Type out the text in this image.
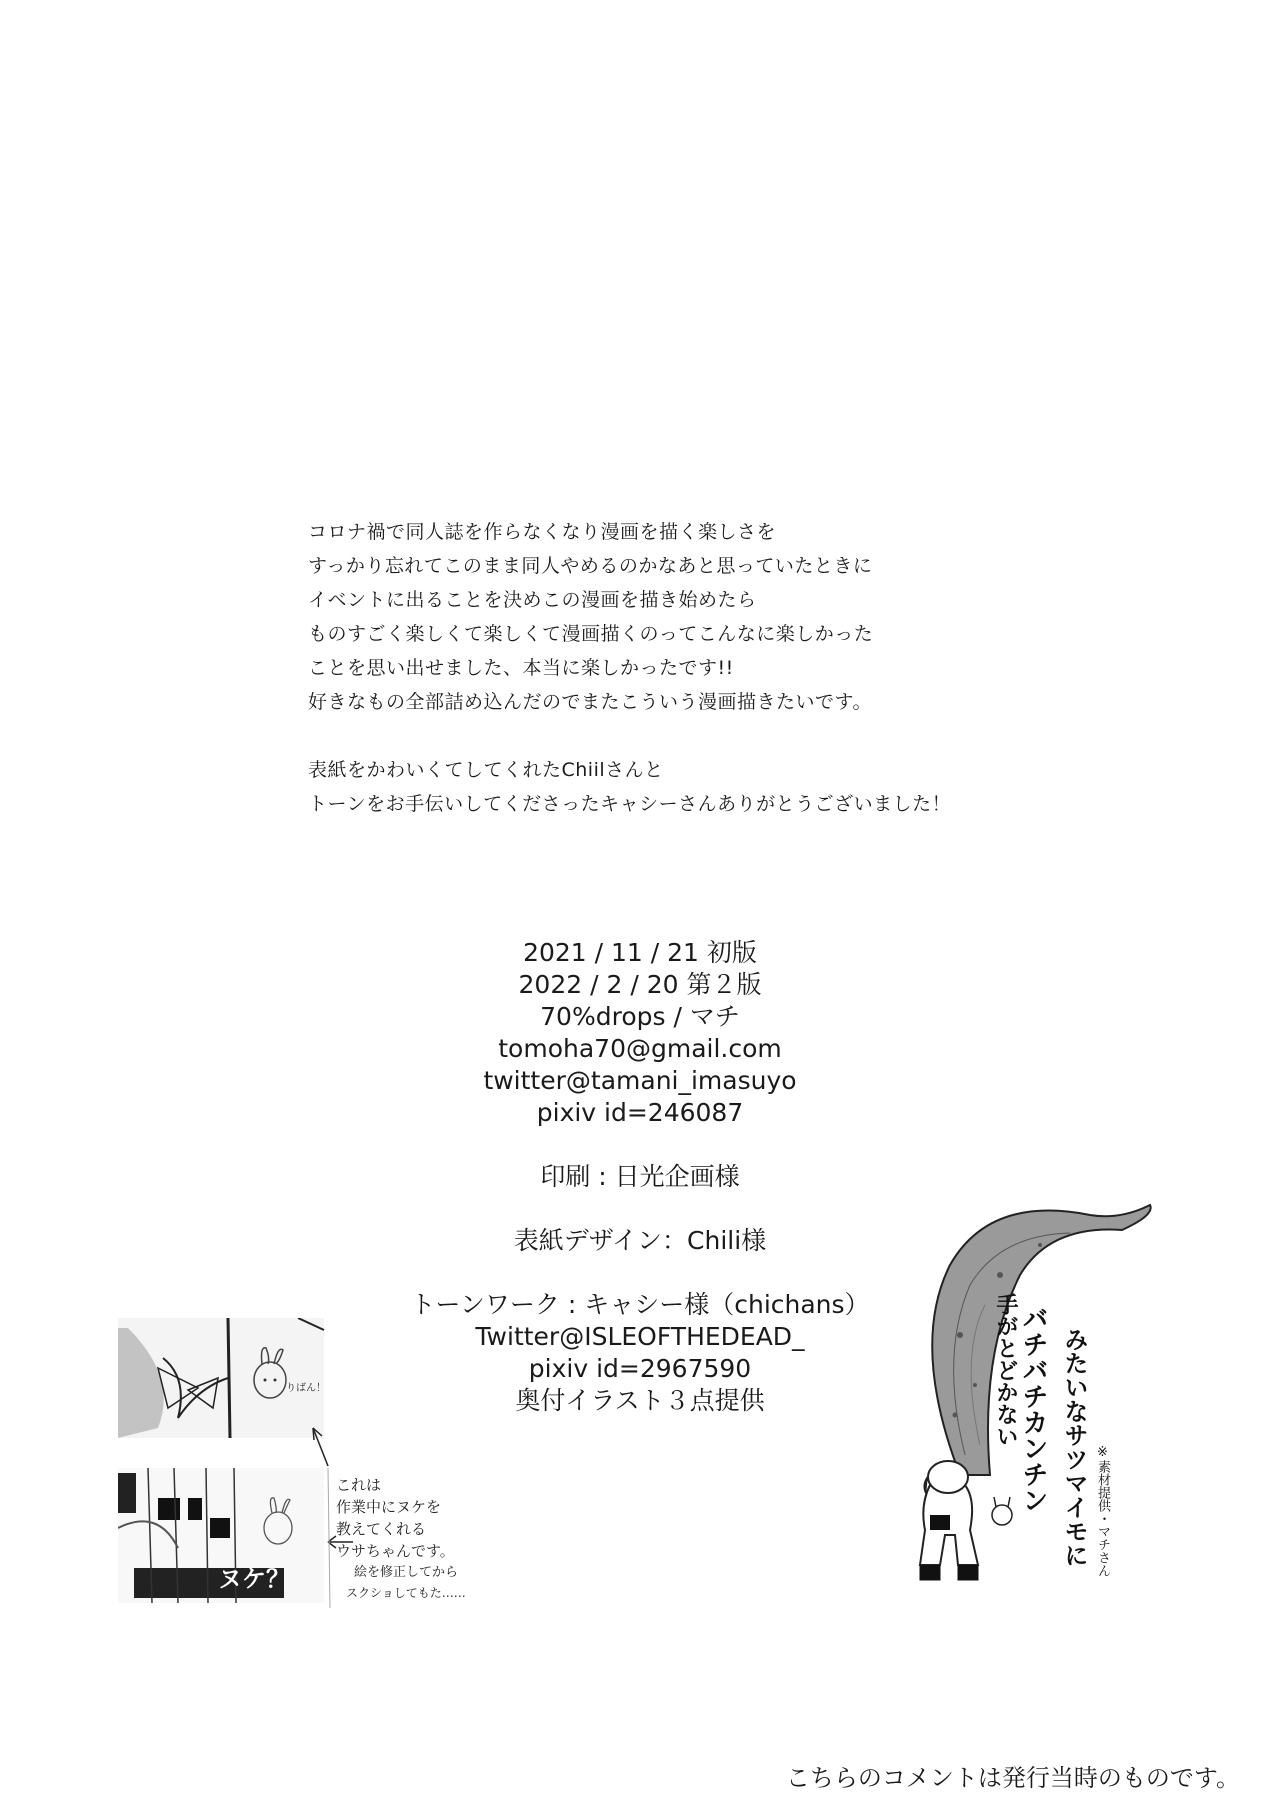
コロナ禍で同人誌を作らなくなり漫画を描く楽しさを
すっかり忘れてこのまま同人やめるのかなあと思っていたときに
イベントに出ることを決めこの漫画を描き始めたら
ものすごく楽しくて楽しくて漫画描くのってこんなに楽しかった
ことを思い出せました、本当に楽しかったです!!
好きなもの全部詰め込んだのでまたこういう漫画描きたいです。
表紙をかわいくてしてくれたChiilさんと
トーンをお手伝いしてくださったキャシーさんありがとうございました！
2021 / 11 / 21 初版
2022 / 2 / 20 第２版
70%drops / マチ
tomoha70@gmail.com
twitter@tamani_imasuyo
pixiv id=246087
印刷 : 日光企画様
表紙デザイン：Chili様
トーンワーク : キャシー様（chichans）
Twitter@ISLEOFTHEDEAD_
pixiv id=2967590
奥付イラスト３点提供
りばん！
これは
作業中にヌケを
教えてくれる
ウサちゃんです。
絵を修正してから
スクショしてもた……
ヌケ？
バチバチカンチン みたいなサツマイモに
手がとどかない
※素材提供・マチさん
こちらのコメントは発行当時のものです。
